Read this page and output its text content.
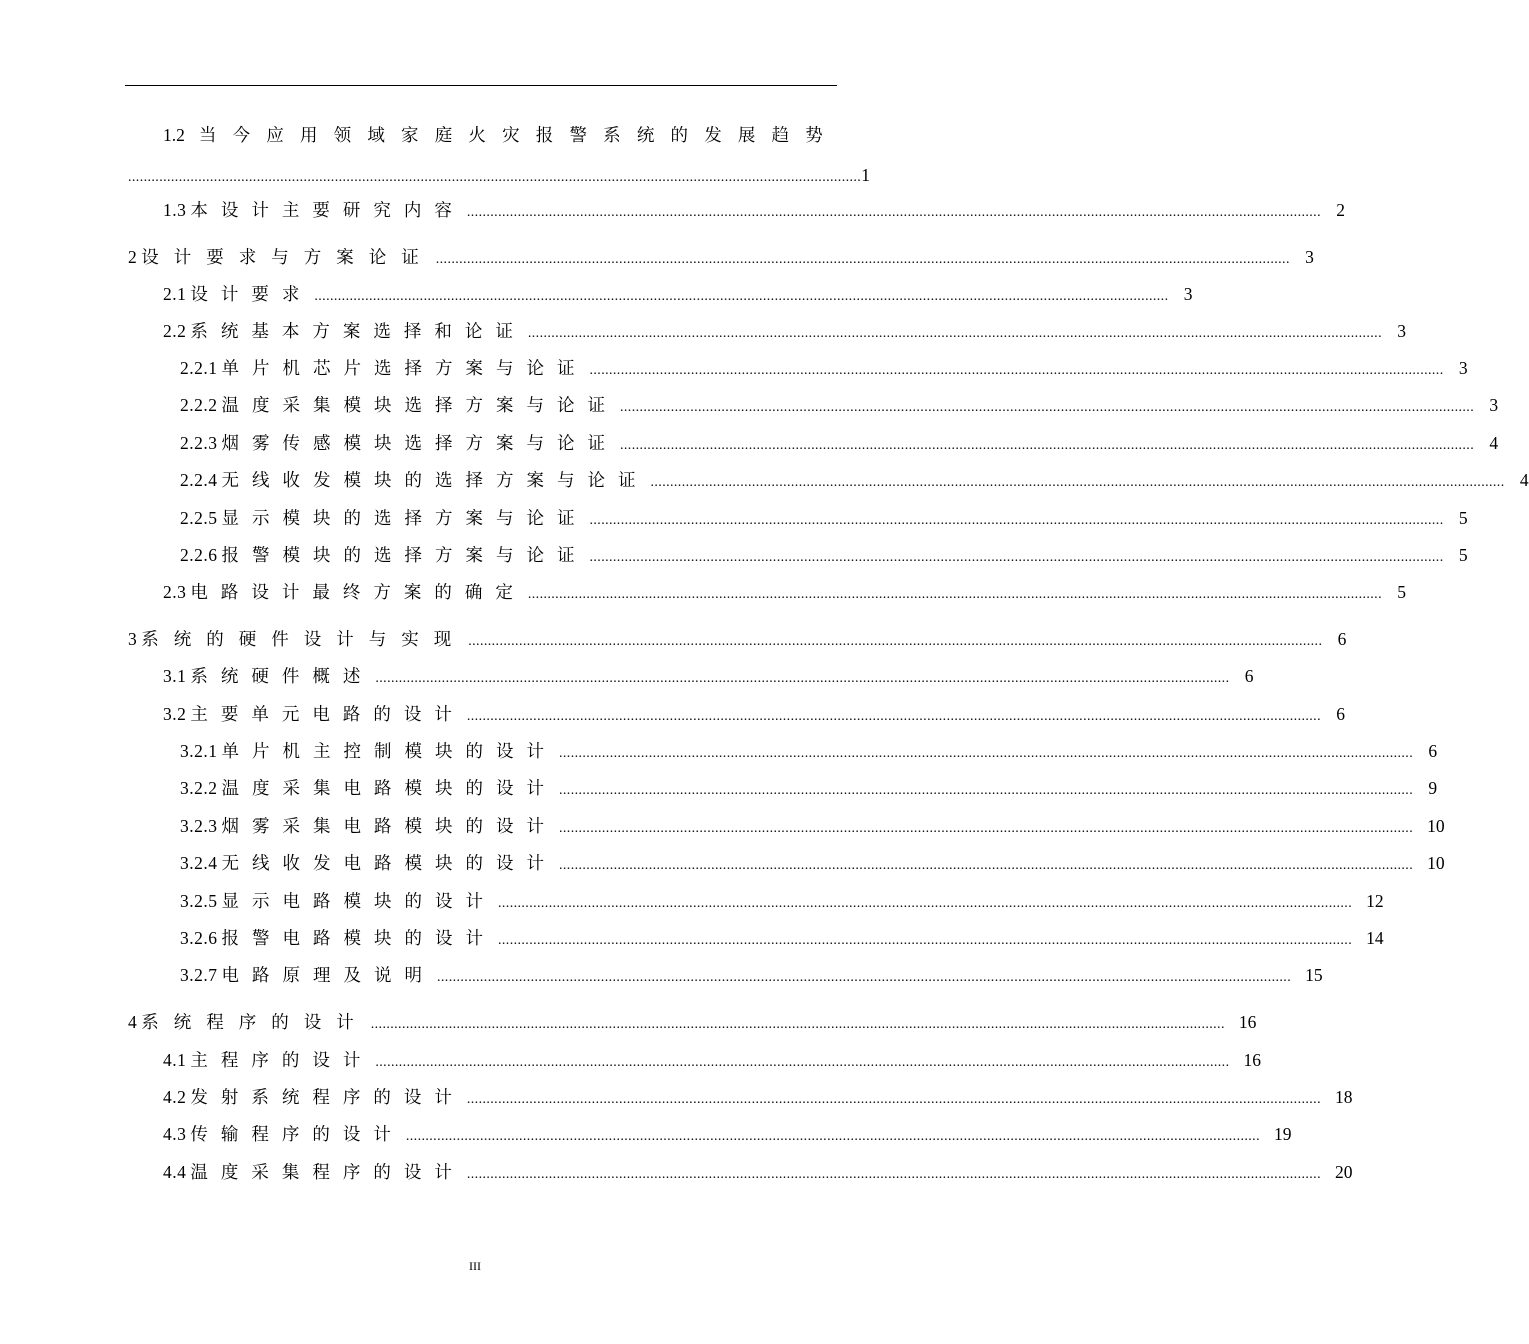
1.2 当 今 应 用 领 域 家 庭 火 灾 报 警 系 统 的 发 展 趋 势
............................................................................................................................................................................................ 1
1.3 本设计主要研究内容 ........................................................................................................................................................................................................................... 2
2 设计要求与方案论证 ........................................................................................................................................................................................................................... 3
2.1 设计要求 ........................................................................................................................................................................................................................... 3
2.2 系统基本方案选择和论证 ........................................................................................................................................................................................................................... 3
2.2.1 单片机芯片选择方案与论证 ........................................................................................................................................................................................................................... 3
2.2.2 温度采集模块选择方案与论证 ........................................................................................................................................................................................................................... 3
2.2.3 烟雾传感模块选择方案与论证 ........................................................................................................................................................................................................................... 4
2.2.4 无线收发模块的选择方案与论证 ........................................................................................................................................................................................................................... 4
2.2.5 显示模块的选择方案与论证 ........................................................................................................................................................................................................................... 5
2.2.6 报警模块的选择方案与论证 ........................................................................................................................................................................................................................... 5
2.3 电路设计最终方案的确定 ........................................................................................................................................................................................................................... 5
3 系统的硬件设计与实现 ........................................................................................................................................................................................................................... 6
3.1 系统硬件概述 ........................................................................................................................................................................................................................... 6
3.2 主要单元电路的设计 ........................................................................................................................................................................................................................... 6
3.2.1 单片机主控制模块的设计 ........................................................................................................................................................................................................................... 6
3.2.2 温度采集电路模块的设计 ........................................................................................................................................................................................................................... 9
3.2.3 烟雾采集电路模块的设计 ........................................................................................................................................................................................................................... 10
3.2.4 无线收发电路模块的设计 ........................................................................................................................................................................................................................... 10
3.2.5 显示电路模块的设计 ........................................................................................................................................................................................................................... 12
3.2.6 报警电路模块的设计 ........................................................................................................................................................................................................................... 14
3.2.7 电路原理及说明 ........................................................................................................................................................................................................................... 15
4 系统程序的设计 ........................................................................................................................................................................................................................... 16
4.1 主程序的设计 ........................................................................................................................................................................................................................... 16
4.2 发射系统程序的设计 ........................................................................................................................................................................................................................... 18
4.3 传输程序的设计 ........................................................................................................................................................................................................................... 19
4.4 温度采集程序的设计 ........................................................................................................................................................................................................................... 20
III
